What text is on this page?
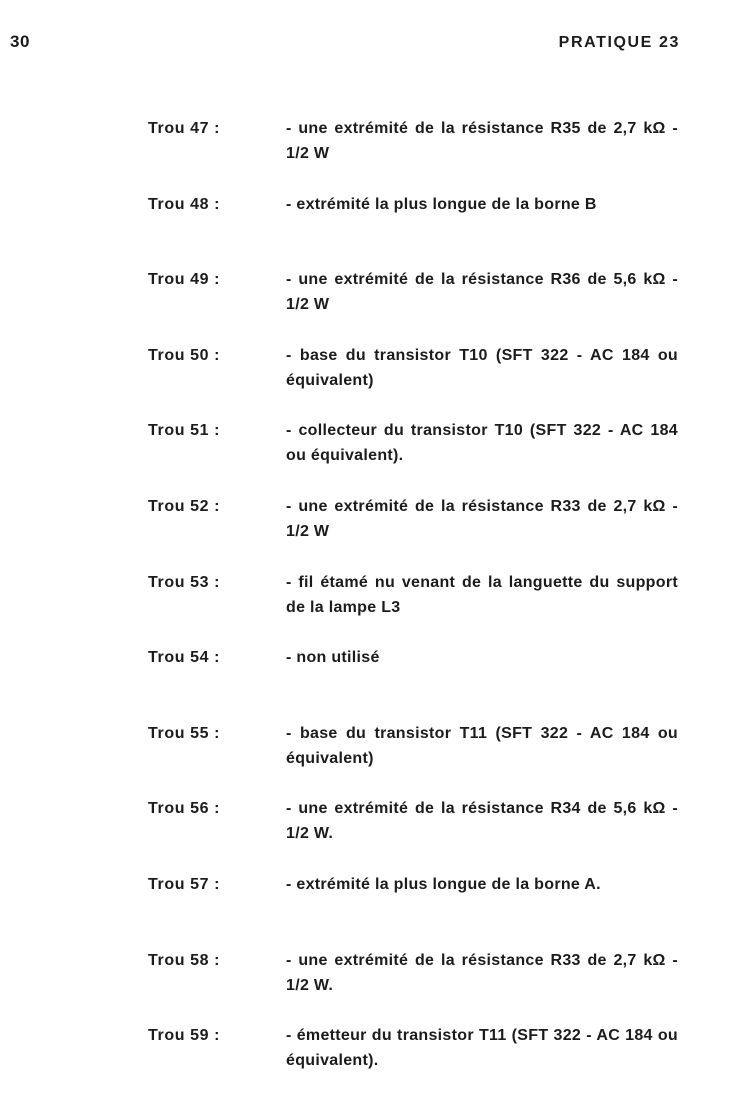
30	PRATIQUE 23
Trou 47 :	- une extrémité de la résistance R35 de 2,7 kΩ - 1/2 W

Trou 48 :	- extrémité la plus longue de la borne B

Trou 49 :	- une extrémité de la résistance R36 de 5,6 kΩ - 1/2 W

Trou 50 :	- base du transistor T10 (SFT 322 - AC 184 ou équivalent)

Trou 51 :	- collecteur du transistor T10 (SFT 322 - AC 184 ou équivalent).

Trou 52 :	- une extrémité de la résistance R33 de 2,7 kΩ - 1/2 W

Trou 53 :	- fil étamé nu venant de la languette du support de la lampe L3

Trou 54 :	- non utilisé

Trou 55 :	- base du transistor T11 (SFT 322 - AC 184 ou équivalent)

Trou 56 :	- une extrémité de la résistance R34 de 5,6 kΩ - 1/2 W.

Trou 57 :	- extrémité la plus longue de la borne A.

Trou 58 :	- une extrémité de la résistance R33 de 2,7 kΩ - 1/2 W.

Trou 59 :	- émetteur du transistor T11 (SFT 322 - AC 184 ou équivalent).
